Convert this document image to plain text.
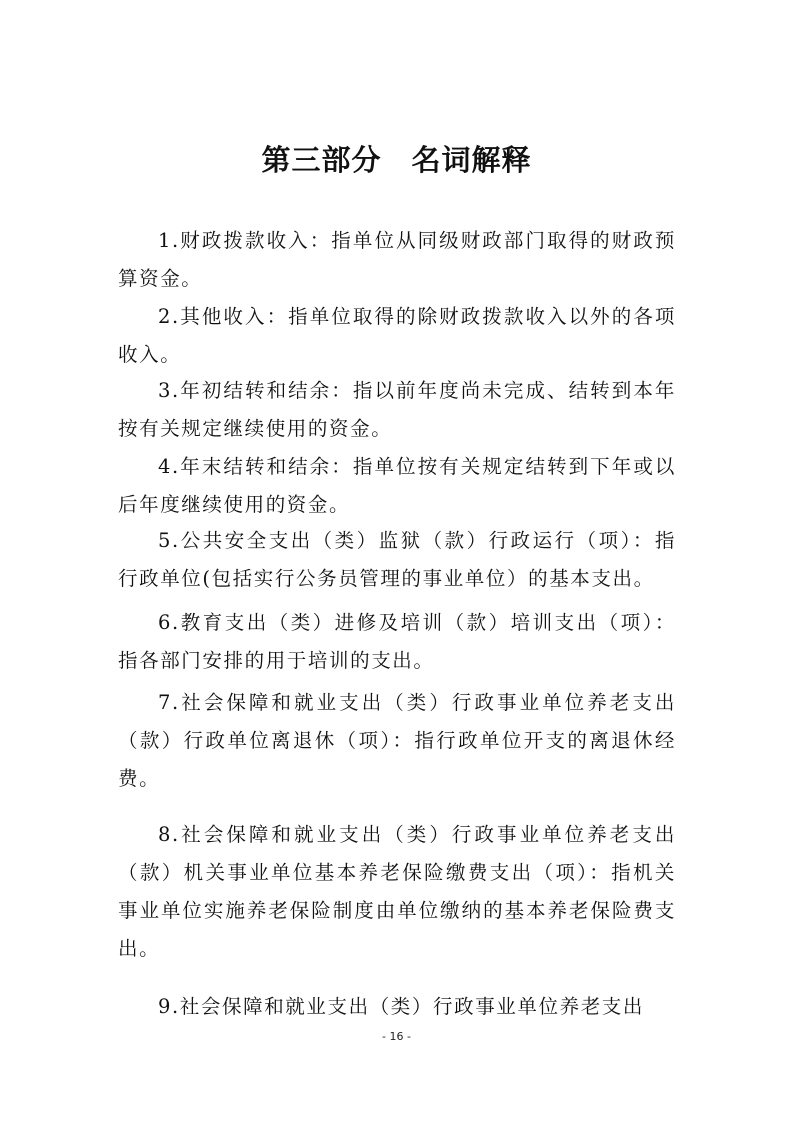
第三部分　名词解释
1.财政拨款收入：指单位从同级财政部门取得的财政预算资金。
2.其他收入：指单位取得的除财政拨款收入以外的各项收入。
3.年初结转和结余：指以前年度尚未完成、结转到本年按有关规定继续使用的资金。
4.年末结转和结余：指单位按有关规定结转到下年或以后年度继续使用的资金。
5.公共安全支出（类）监狱（款）行政运行（项）：指行政单位(包括实行公务员管理的事业单位）的基本支出。
6.教育支出（类）进修及培训（款）培训支出（项）：指各部门安排的用于培训的支出。
7.社会保障和就业支出（类）行政事业单位养老支出（款）行政单位离退休（项）：指行政单位开支的离退休经费。
8.社会保障和就业支出（类）行政事业单位养老支出（款）机关事业单位基本养老保险缴费支出（项）：指机关事业单位实施养老保险制度由单位缴纳的基本养老保险费支出。
9.社会保障和就业支出（类）行政事业单位养老支出
- 16 -
